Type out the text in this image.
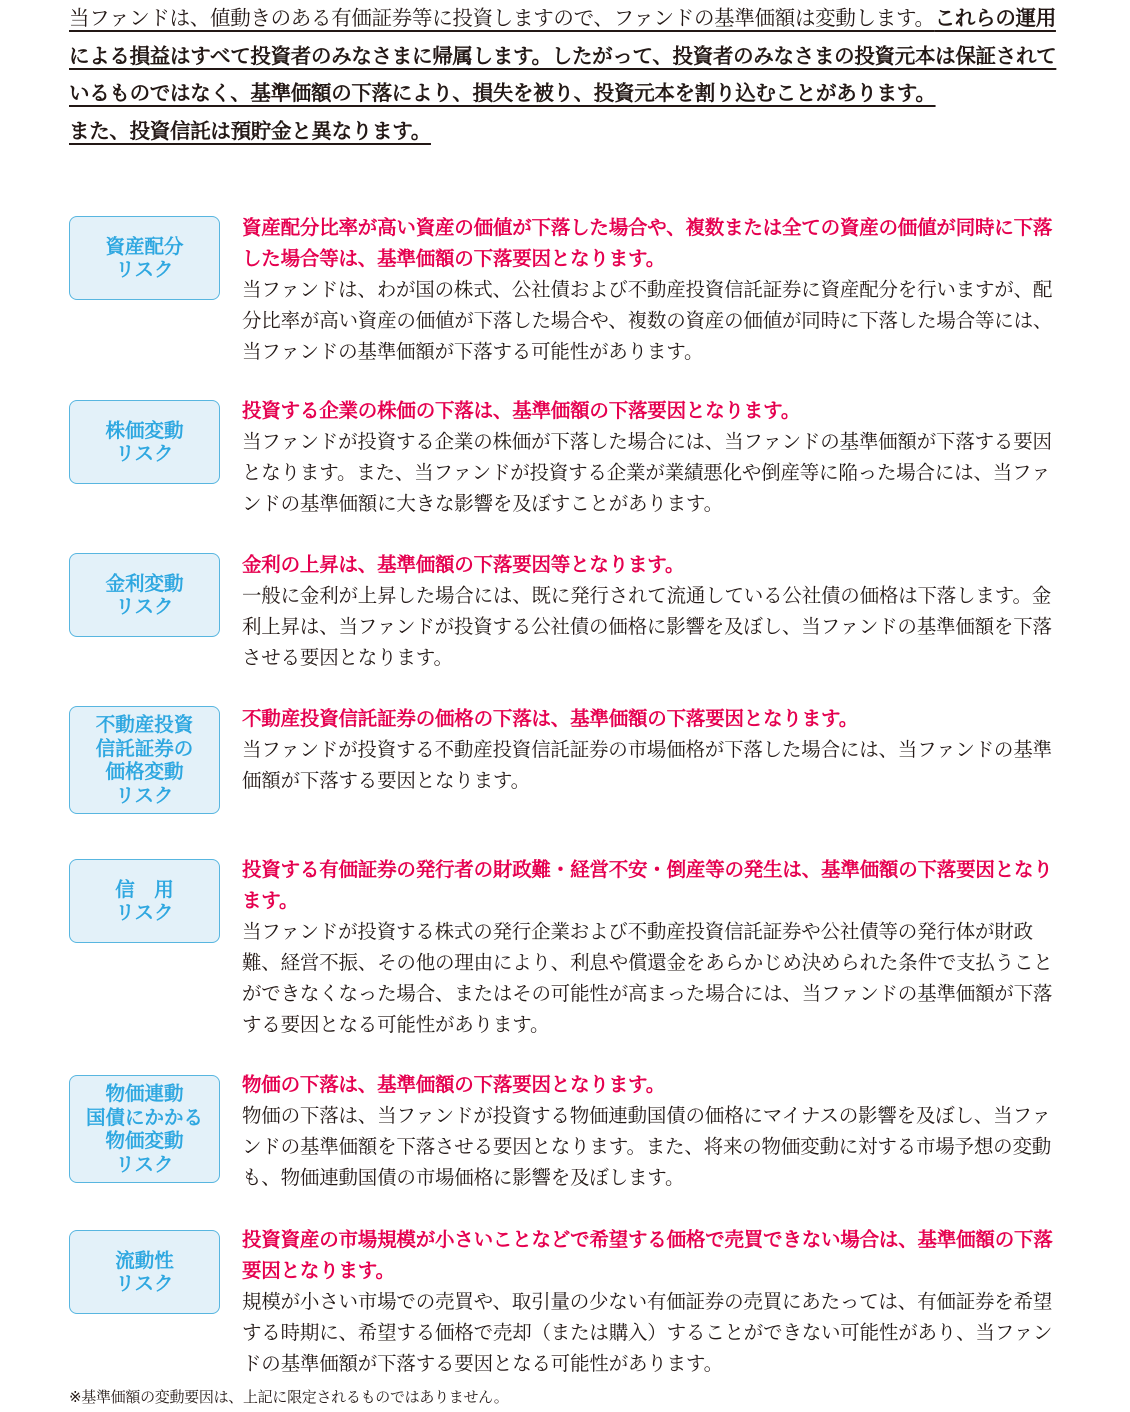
当ファンドは、値動きのある有価証券等に投資しますので、ファンドの基準価額は変動します。これらの運用による損益はすべて投資者のみなさまに帰属します。したがって、投資者のみなさまの投資元本は保証されているものではなく、基準価額の下落により、損失を被り、投資元本を割り込むことがあります。

また、投資信託は預貯金と異なります。

資産配分
リスク

資産配分比率が高い資産の価値が下落した場合や、複数または全ての資産の価値が同時に下落した場合等は、基準価額の下落要因となります。

当ファンドは、わが国の株式、公社債および不動産投資信託証券に資産配分を行いますが、配分比率が高い資産の価値が下落した場合や、複数の資産の価値が同時に下落した場合等には、当ファンドの基準価額が下落する可能性があります。

株価変動
リスク

投資する企業の株価の下落は、基準価額の下落要因となります。

当ファンドが投資する企業の株価が下落した場合には、当ファンドの基準価額が下落する要因となります。また、当ファンドが投資する企業が業績悪化や倒産等に陥った場合には、当ファンドの基準価額に大きな影響を及ぼすことがあります。

金利変動
リスク

金利の上昇は、基準価額の下落要因等となります。

一般に金利が上昇した場合には、既に発行されて流通している公社債の価格は下落します。金利上昇は、当ファンドが投資する公社債の価格に影響を及ぼし、当ファンドの基準価額を下落させる要因となります。

不動産投資
信託証券の
価格変動
リスク

不動産投資信託証券の価格の下落は、基準価額の下落要因となります。

当ファンドが投資する不動産投資信託証券の市場価格が下落した場合には、当ファンドの基準価額が下落する要因となります。

信　用
リスク

投資する有価証券の発行者の財政難・経営不安・倒産等の発生は、基準価額の下落要因となります。

当ファンドが投資する株式の発行企業および不動産投資信託証券や公社債等の発行体が財政難、経営不振、その他の理由により、利息や償還金をあらかじめ決められた条件で支払うことができなくなった場合、またはその可能性が高まった場合には、当ファンドの基準価額が下落する要因となる可能性があります。

物価連動
国債にかかる
物価変動
リスク

物価の下落は、基準価額の下落要因となります。

物価の下落は、当ファンドが投資する物価連動国債の価格にマイナスの影響を及ぼし、当ファンドの基準価額を下落させる要因となります。また、将来の物価変動に対する市場予想の変動も、物価連動国債の市場価格に影響を及ぼします。

流動性
リスク

投資資産の市場規模が小さいことなどで希望する価格で売買できない場合は、基準価額の下落要因となります。

規模が小さい市場での売買や、取引量の少ない有価証券の売買にあたっては、有価証券を希望する時期に、希望する価格で売却（または購入）することができない可能性があり、当ファンドの基準価額が下落する要因となる可能性があります。

※基準価額の変動要因は、上記に限定されるものではありません。
